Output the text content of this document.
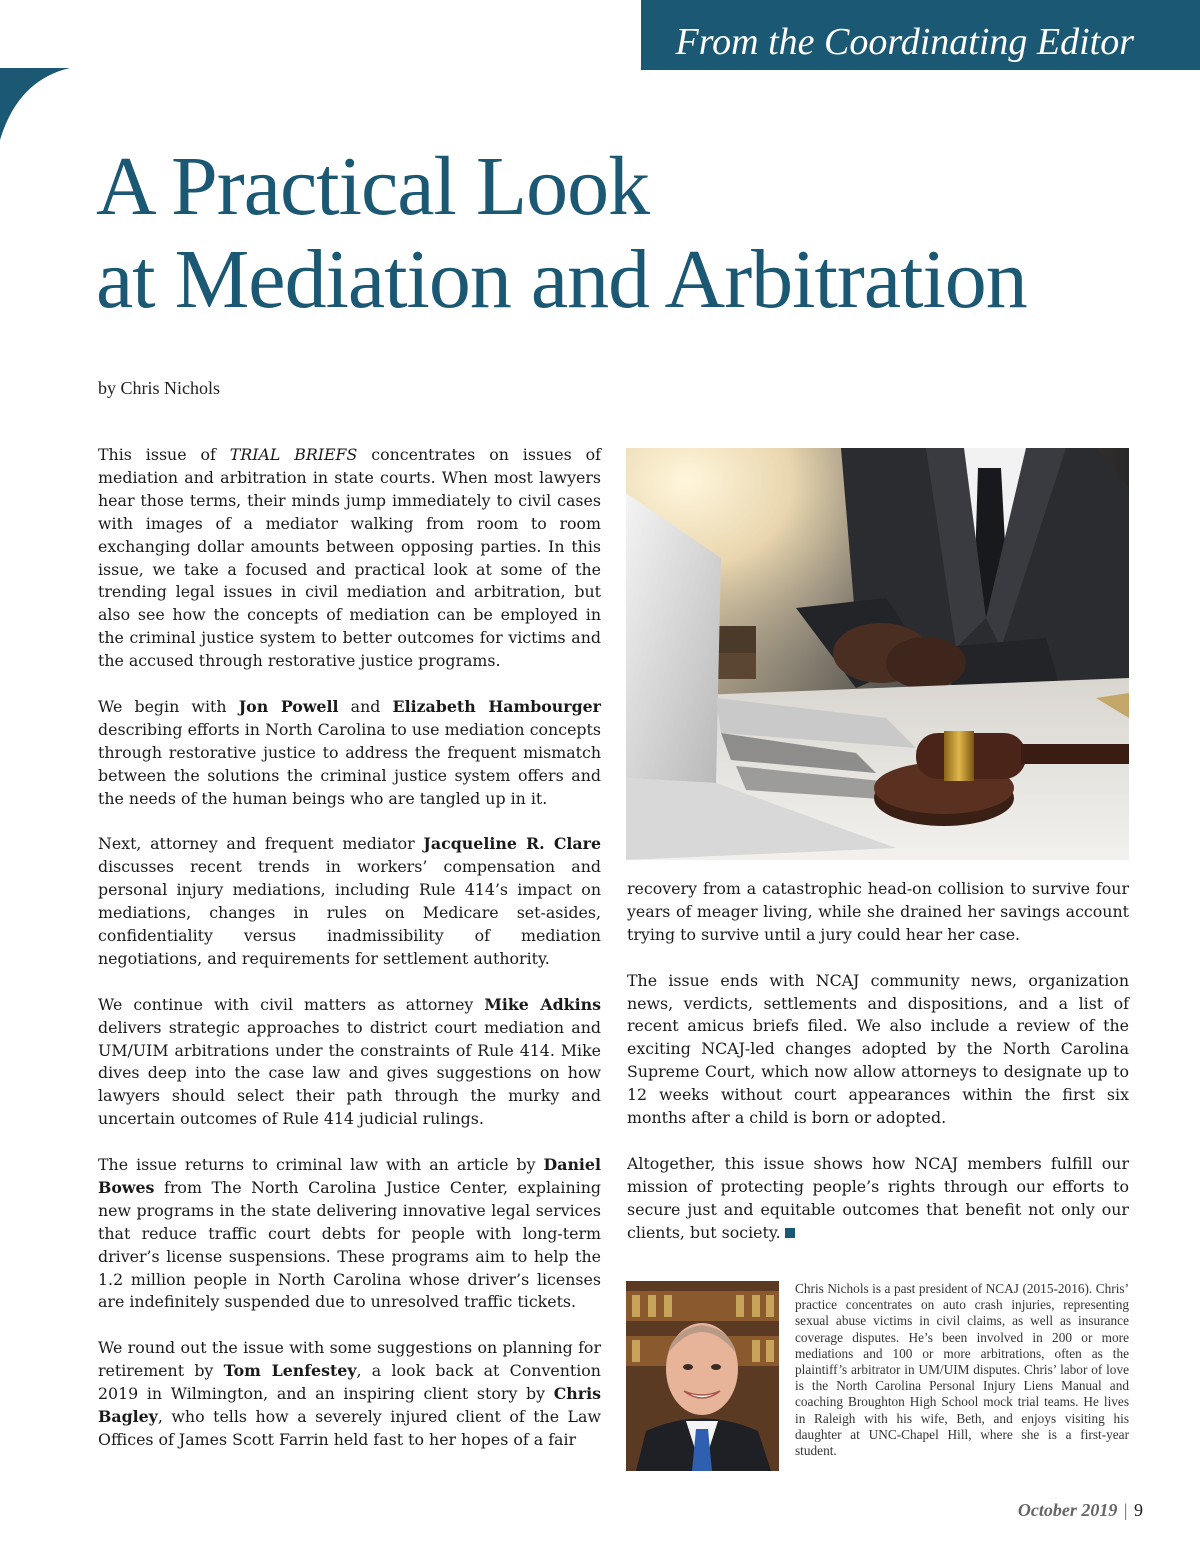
From the Coordinating Editor
A Practical Look
at Mediation and Arbitration
by Chris Nichols

This issue of TRIAL BRIEFS concentrates on issues of mediation and arbitration in state courts. When most lawyers hear those terms, their minds jump immediately to civil cases with images of a mediator walking from room to room exchanging dollar amounts between opposing parties. In this issue, we take a focused and practical look at some of the trending legal issues in civil mediation and arbitration, but also see how the concepts of mediation can be employed in the criminal justice system to better outcomes for victims and the accused through restorative justice programs.

We begin with Jon Powell and Elizabeth Hambourger describing efforts in North Carolina to use mediation concepts through restorative justice to address the frequent mismatch between the solutions the criminal justice system offers and the needs of the human beings who are tangled up in it.

Next, attorney and frequent mediator Jacqueline R. Clare discusses recent trends in workers’ compensation and personal injury mediations, including Rule 414’s impact on mediations, changes in rules on Medicare set-asides, confidentiality versus inadmissibility of mediation negotiations, and requirements for settlement authority.

We continue with civil matters as attorney Mike Adkins delivers strategic approaches to district court mediation and UM/UIM arbitrations under the constraints of Rule 414. Mike dives deep into the case law and gives suggestions on how lawyers should select their path through the murky and uncertain outcomes of Rule 414 judicial rulings.

The issue returns to criminal law with an article by Daniel Bowes from The North Carolina Justice Center, explaining new programs in the state delivering innovative legal services that reduce traffic court debts for people with long-term driver’s license suspensions. These programs aim to help the 1.2 million people in North Carolina whose driver’s licenses are indefinitely suspended due to unresolved traffic tickets.

We round out the issue with some suggestions on planning for retirement by Tom Lenfestey, a look back at Convention 2019 in Wilmington, and an inspiring client story by Chris Bagley, who tells how a severely injured client of the Law Offices of James Scott Farrin held fast to her hopes of a fair

recovery from a catastrophic head-on collision to survive four years of meager living, while she drained her savings account trying to survive until a jury could hear her case.

The issue ends with NCAJ community news, organization news, verdicts, settlements and dispositions, and a list of recent amicus briefs filed. We also include a review of the exciting NCAJ-led changes adopted by the North Carolina Supreme Court, which now allow attorneys to designate up to 12 weeks without court appearances within the first six months after a child is born or adopted.

Altogether, this issue shows how NCAJ members fulfill our mission of protecting people’s rights through our efforts to secure just and equitable outcomes that benefit not only our clients, but society.

Chris Nichols is a past president of NCAJ (2015-2016). Chris’ practice concentrates on auto crash injuries, representing sexual abuse victims in civil claims, as well as insurance coverage disputes. He’s been involved in 200 or more mediations and 100 or more arbitrations, often as the plaintiff’s arbitrator in UM/UIM disputes. Chris’ labor of love is the North Carolina Personal Injury Liens Manual and coaching Broughton High School mock trial teams. He lives in Raleigh with his wife, Beth, and enjoys visiting his daughter at UNC-Chapel Hill, where she is a first-year student.
October 2019 | 9
